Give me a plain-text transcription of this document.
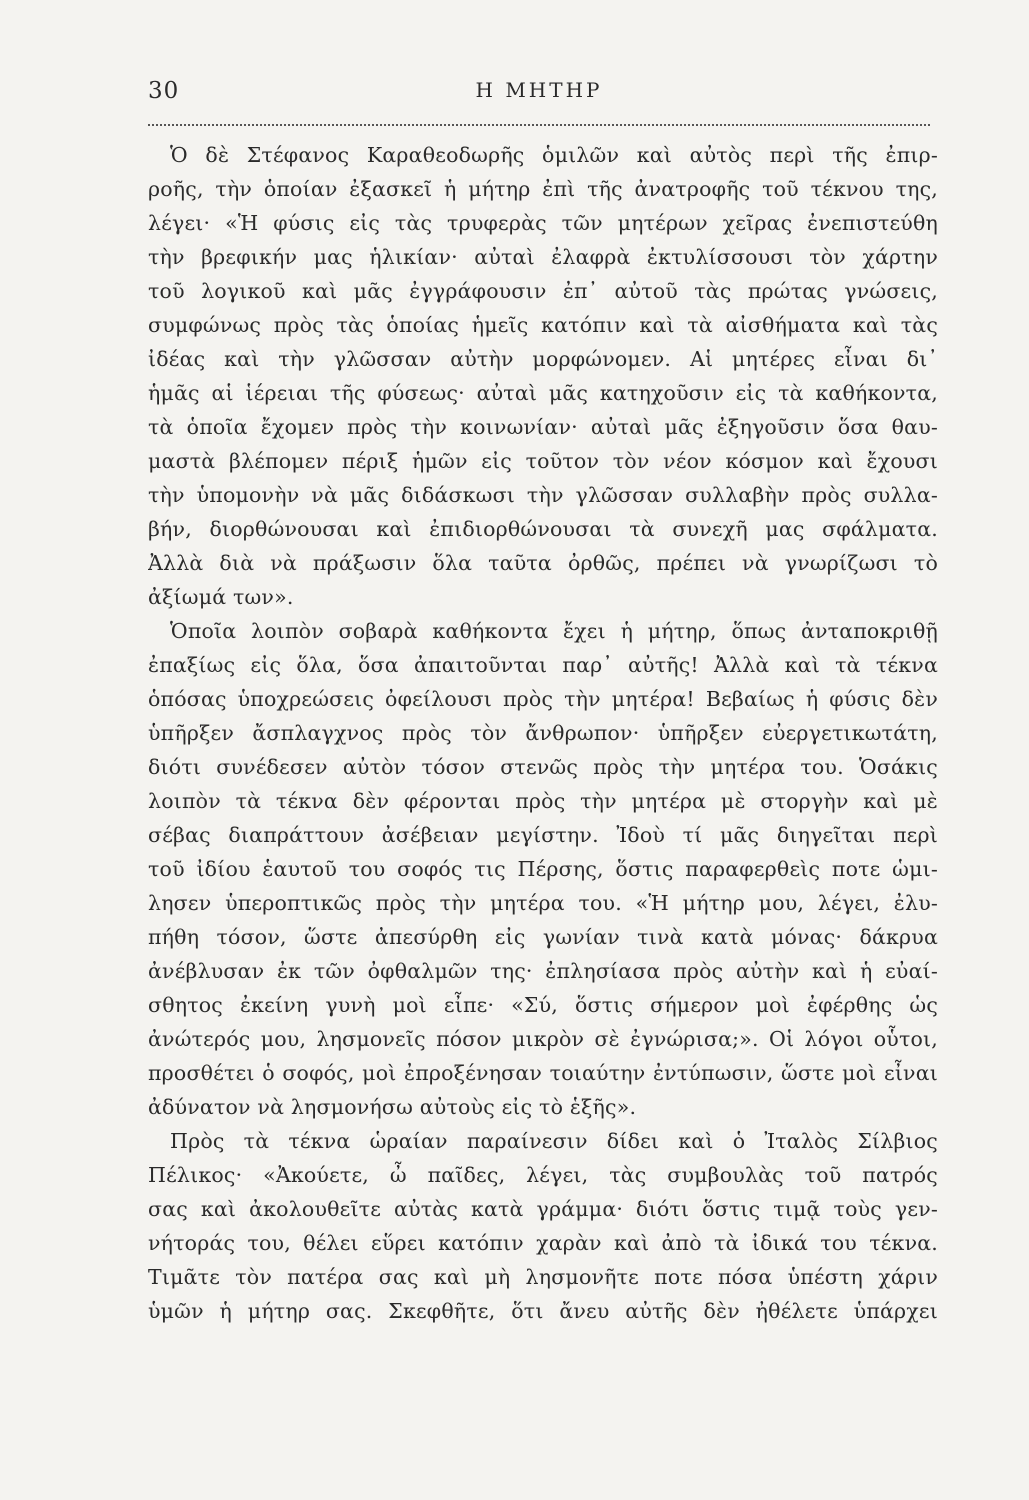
30	Η ΜΗΤΗΡ
Ὁ δὲ Στέφανος Καραθεοδωρῆς ὁμιλῶν καὶ αὐτὸς περὶ τῆς ἐπιρ-
ροῆς, τὴν ὁποίαν ἐξασκεῖ ἡ μήτηρ ἐπὶ τῆς ἀνατροφῆς τοῦ τέκνου της,
λέγει· «Ἡ φύσις εἰς τὰς τρυφερὰς τῶν μητέρων χεῖρας ἐνεπιστεύθη
τὴν βρεφικήν μας ἡλικίαν· αὐταὶ ἐλαφρὰ ἐκτυλίσσουσι τὸν χάρτην
τοῦ λογικοῦ καὶ μᾶς ἐγγράφουσιν ἐπ᾽ αὐτοῦ τὰς πρώτας γνώσεις,
συμφώνως πρὸς τὰς ὁποίας ἡμεῖς κατόπιν καὶ τὰ αἰσθήματα καὶ τὰς
ἰδέας καὶ τὴν γλῶσσαν αὐτὴν μορφώνομεν. Αἱ μητέρες εἶναι δι᾽
ἡμᾶς αἱ ἱέρειαι τῆς φύσεως· αὐταὶ μᾶς κατηχοῦσιν εἰς τὰ καθήκοντα,
τὰ ὁποῖα ἔχομεν πρὸς τὴν κοινωνίαν· αὐταὶ μᾶς ἐξηγοῦσιν ὅσα θαυ-
μαστὰ βλέπομεν πέριξ ἡμῶν εἰς τοῦτον τὸν νέον κόσμον καὶ ἔχουσι
τὴν ὑπομονὴν νὰ μᾶς διδάσκωσι τὴν γλῶσσαν συλλαβὴν πρὸς συλλα-
βήν, διορθώνουσαι καὶ ἐπιδιορθώνουσαι τὰ συνεχῆ μας σφάλματα.
Ἀλλὰ διὰ νὰ πράξωσιν ὅλα ταῦτα ὀρθῶς, πρέπει νὰ γνωρίζωσι τὸ
ἀξίωμά των».
Ὁποῖα λοιπὸν σοβαρὰ καθήκοντα ἔχει ἡ μήτηρ, ὅπως ἀνταποκριθῇ
ἐπαξίως εἰς ὅλα, ὅσα ἀπαιτοῦνται παρ᾽ αὐτῆς! Ἀλλὰ καὶ τὰ τέκνα
ὁπόσας ὑποχρεώσεις ὀφείλουσι πρὸς τὴν μητέρα! Βεβαίως ἡ φύσις δὲν
ὑπῆρξεν ἄσπλαγχνος πρὸς τὸν ἄνθρωπον· ὑπῆρξεν εὐεργετικωτάτη,
διότι συνέδεσεν αὐτὸν τόσον στενῶς πρὸς τὴν μητέρα του. Ὁσάκις
λοιπὸν τὰ τέκνα δὲν φέρονται πρὸς τὴν μητέρα μὲ στοργὴν καὶ μὲ
σέβας διαπράττουν ἀσέβειαν μεγίστην. Ἰδοὺ τί μᾶς διηγεῖται περὶ
τοῦ ἰδίου ἑαυτοῦ του σοφός τις Πέρσης, ὅστις παραφερθεὶς ποτε ὡμι-
λησεν ὑπεροπτικῶς πρὸς τὴν μητέρα του. «Ἡ μήτηρ μου, λέγει, ἐλυ-
πήθη τόσον, ὥστε ἀπεσύρθη εἰς γωνίαν τινὰ κατὰ μόνας· δάκρυα
ἀνέβλυσαν ἐκ τῶν ὀφθαλμῶν της· ἐπλησίασα πρὸς αὐτὴν καὶ ἡ εὐαί-
σθητος ἐκείνη γυνὴ μοὶ εἶπε· «Σύ, ὅστις σήμερον μοὶ ἐφέρθης ὡς
ἀνώτερός μου, λησμονεῖς πόσον μικρὸν σὲ ἐγνώρισα;». Οἱ λόγοι οὗτοι,
προσθέτει ὁ σοφός, μοὶ ἐπροξένησαν τοιαύτην ἐντύπωσιν, ὥστε μοὶ εἶναι
ἀδύνατον νὰ λησμονήσω αὐτοὺς εἰς τὸ ἑξῆς».
Πρὸς τὰ τέκνα ὡραίαν παραίνεσιν δίδει καὶ ὁ Ἰταλὸς Σίλβιος
Πέλικος· «Ἀκούετε, ὦ παῖδες, λέγει, τὰς συμβουλὰς τοῦ πατρός
σας καὶ ἀκολουθεῖτε αὐτὰς κατὰ γράμμα· διότι ὅστις τιμᾷ τοὺς γεν-
νήτοράς του, θέλει εὕρει κατόπιν χαρὰν καὶ ἀπὸ τὰ ἰδικά του τέκνα.
Τιμᾶτε τὸν πατέρα σας καὶ μὴ λησμονῆτε ποτε πόσα ὑπέστη χάριν
ὑμῶν ἡ μήτηρ σας. Σκεφθῆτε, ὅτι ἄνευ αὐτῆς δὲν ἠθέλετε ὑπάρχει
